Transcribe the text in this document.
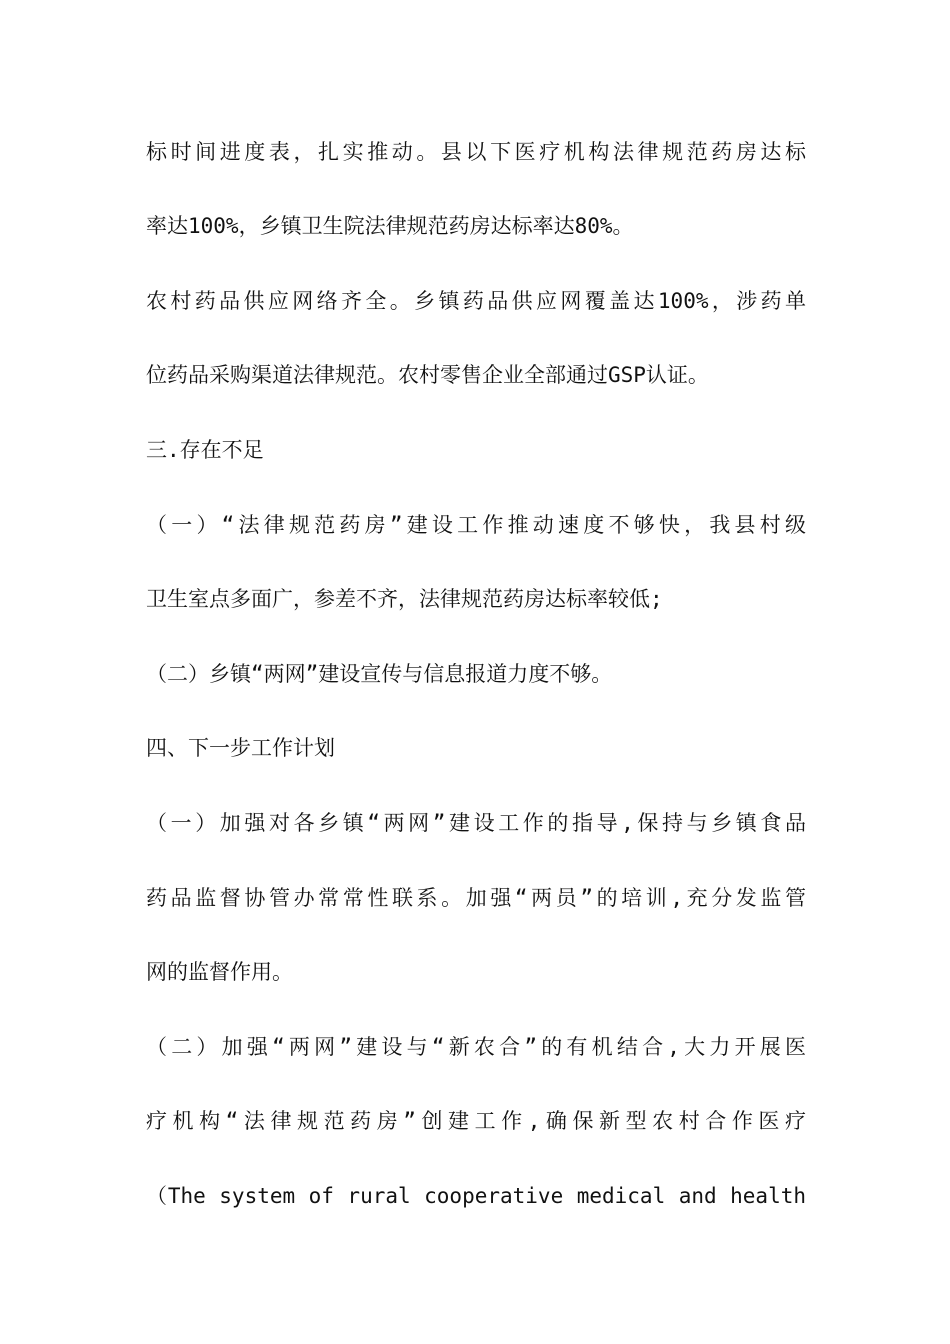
标时间进度表，扎实推动。县以下医疗机构法律规范药房达标
率达100%，乡镇卫生院法律规范药房达标率达80%。
农村药品供应网络齐全。乡镇药品供应网覆盖达100%，涉药单
位药品采购渠道法律规范。农村零售企业全部通过GSP认证。
三.存在不足
（一）“法律规范药房”建设工作推动速度不够快，我县村级
卫生室点多面广，参差不齐，法律规范药房达标率较低;
（二）乡镇“两网”建设宣传与信息报道力度不够。
四、下一步工作计划
（一）加强对各乡镇“两网”建设工作的指导,保持与乡镇食品
药品监督协管办常常性联系。加强“两员”的培训,充分发监管
网的监督作用。
（二）加强“两网”建设与“新农合”的有机结合,大力开展医
疗机构“法律规范药房”创建工作,确保新型农村合作医疗
（The system of rural cooperative medical and health
